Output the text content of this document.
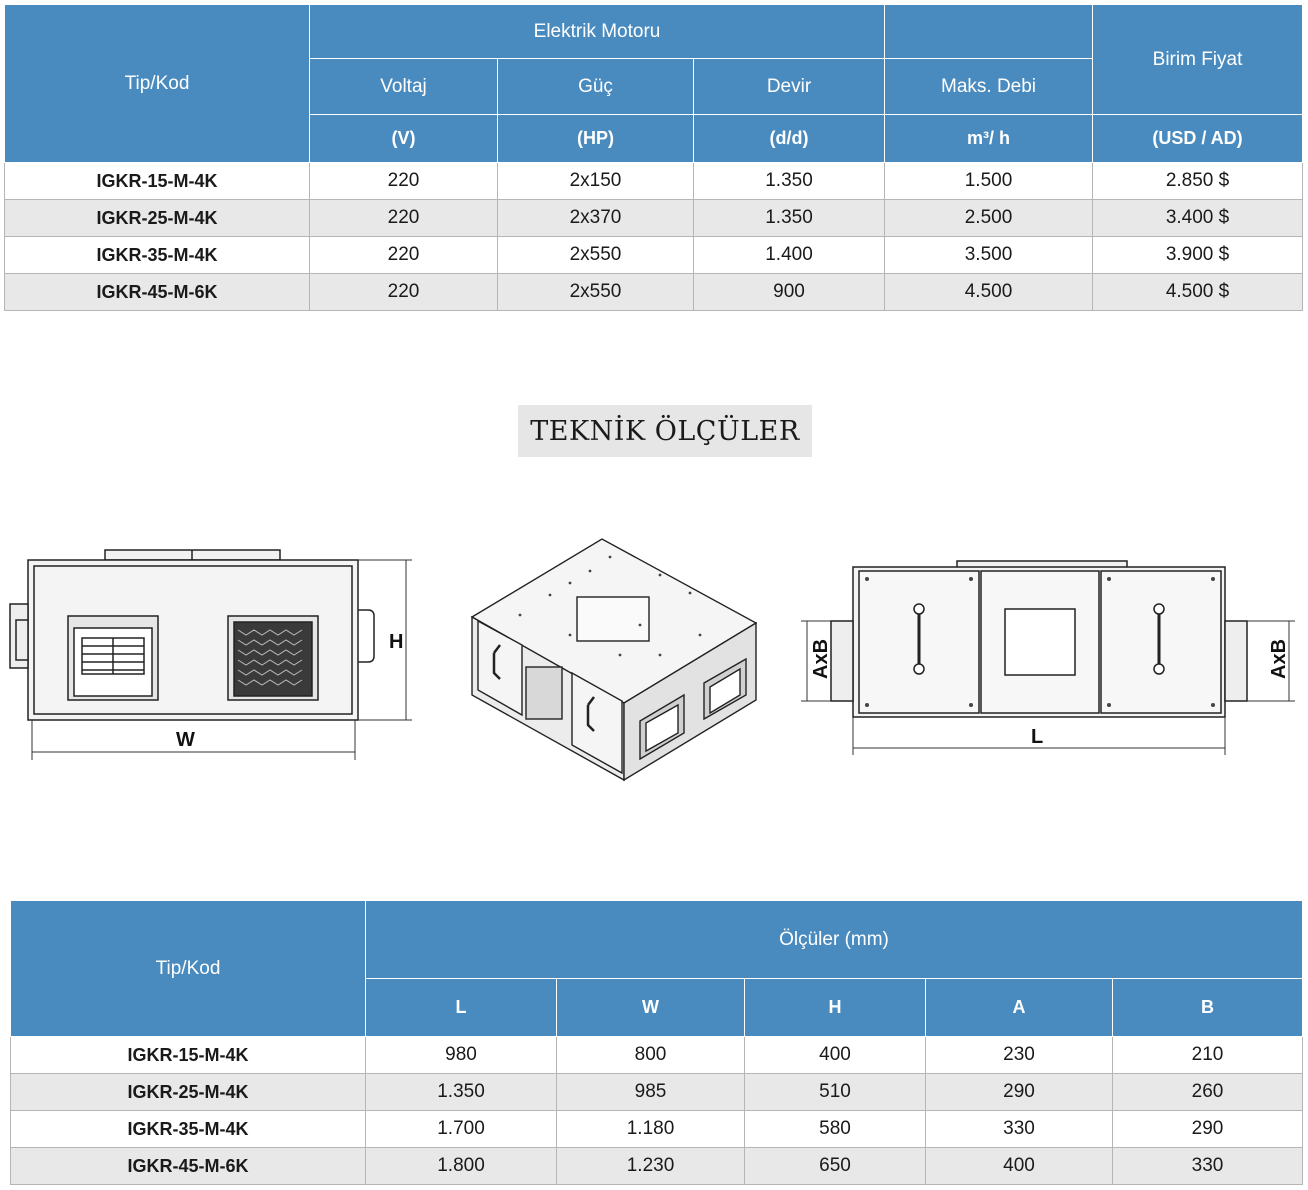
Tip/Kod	Elektrik Motoru				Birim Fiyat
	Voltaj	Güç	Devir	Maks. Debi	
	(V)	(HP)	(d/d)	m³/ h	(USD / AD)
IGKR-15-M-4K	220	2x150	1.350	1.500	2.850 $
IGKR-25-M-4K	220	2x370	1.350	2.500	3.400 $
IGKR-35-M-4K	220	2x550	1.400	3.500	3.900 $
IGKR-45-M-6K	220	2x550	900	4.500	4.500 $
TEKNİK ÖLÇÜLER
H
W
AxB	AxB
L
Tip/Kod	Ölçüler (mm)				
	L	W	H	A	B
IGKR-15-M-4K	980	800	400	230	210
IGKR-25-M-4K	1.350	985	510	290	260
IGKR-35-M-4K	1.700	1.180	580	330	290
IGKR-45-M-6K	1.800	1.230	650	400	330
